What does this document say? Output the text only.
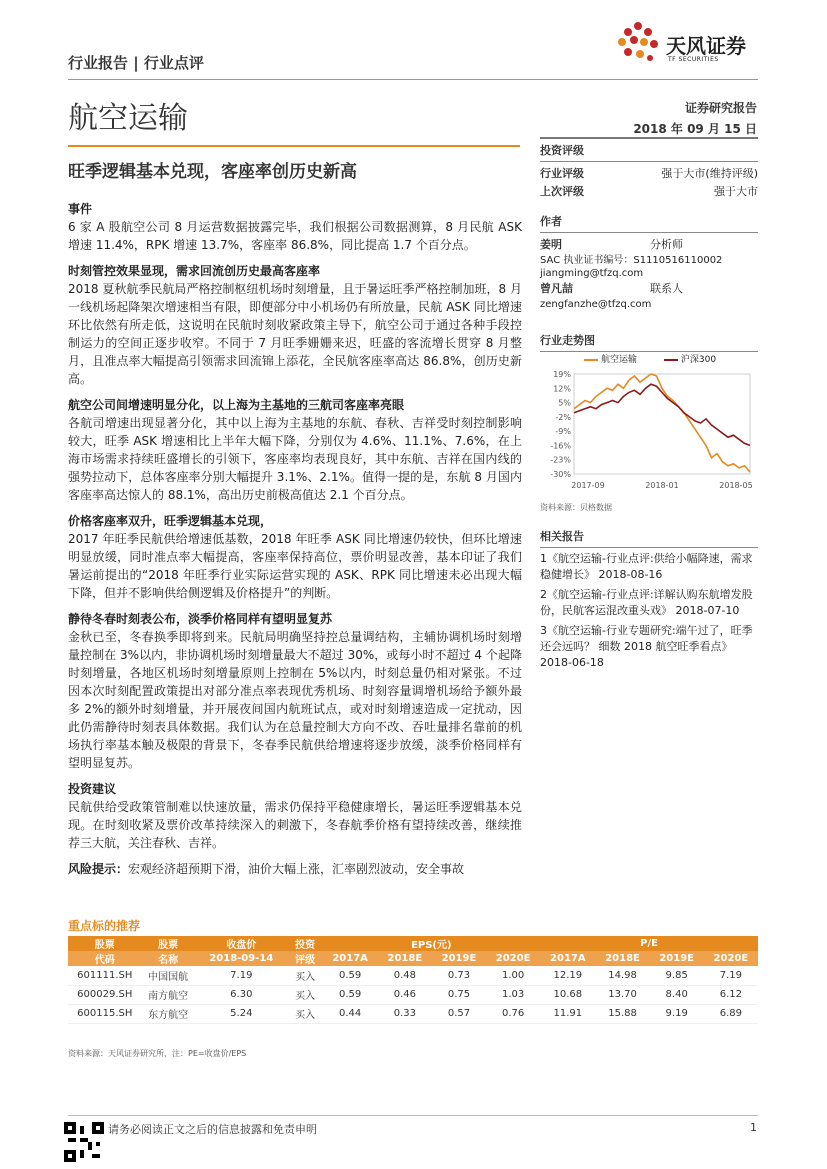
天风证券
TF SECURITIES
行业报告 | 行业点评
航空运输	证券研究报告
2018 年 09 月 15 日
旺季逻辑基本兑现，客座率创历史新高
事件

6 家 A 股航空公司 8 月运营数据披露完毕，我们根据公司数据测算，8 月民航 ASK 增速 11.4%，RPK 增速 13.7%，客座率 86.8%，同比提高 1.7 个百分点。

时刻管控效果显现，需求回流创历史最高客座率

2018 夏秋航季民航局严格控制枢纽机场时刻增量，且于暑运旺季严格控制加班，8 月一线机场起降架次增速相当有限，即便部分中小机场仍有所放量，民航 ASK 同比增速环比依然有所走低，这说明在民航时刻收紧政策主导下，航空公司于通过各种手段控制运力的空间正逐步收窄。不同于 7 月旺季姗姗来迟，旺盛的客流增长贯穿 8 月整月，且准点率大幅提高引领需求回流锦上添花，全民航客座率高达 86.8%，创历史新高。

航空公司间增速明显分化，以上海为主基地的三航司客座率亮眼

各航司增速出现显著分化，其中以上海为主基地的东航、春秋、吉祥受时刻控制影响较大，旺季 ASK 增速相比上半年大幅下降，分别仅为 4.6%、11.1%、7.6%，在上海市场需求持续旺盛增长的引领下，客座率均表现良好，其中东航、吉祥在国内线的强势拉动下，总体客座率分别大幅提升 3.1%、2.1%。值得一提的是，东航 8 月国内客座率高达惊人的 88.1%，高出历史前极高值达 2.1 个百分点。

价格客座率双升，旺季逻辑基本兑现，

2017 年旺季民航供给增速低基数，2018 年旺季 ASK 同比增速仍较快，但环比增速明显放缓，同时准点率大幅提高，客座率保持高位，票价明显改善，基本印证了我们暑运前提出的“2018 年旺季行业实际运营实现的 ASK、RPK 同比增速未必出现大幅下降，但并不影响供给侧逻辑及价格提升”的判断。

静待冬春时刻表公布，淡季价格同样有望明显复苏

金秋已至，冬春换季即将到来。民航局明确坚持控总量调结构，主辅协调机场时刻增量控制在 3%以内，非协调机场时刻增量最大不超过 30%，或每小时不超过 4 个起降时刻增量，各地区机场时刻增量原则上控制在 5%以内，时刻总量仍相对紧张。不过因本次时刻配置政策提出对部分准点率表现优秀机场、时刻容量调增机场给予额外最多 2%的额外时刻增量，并开展夜间国内航班试点，或对时刻增速造成一定扰动，因此仍需静待时刻表具体数据。我们认为在总量控制大方向不改、吞吐量排名靠前的机场执行率基本触及极限的背景下，冬春季民航供给增速将逐步放缓，淡季价格同样有望明显复苏。

投资建议

民航供给受政策管制难以快速放量，需求仍保持平稳健康增长，暑运旺季逻辑基本兑现。在时刻收紧及票价改革持续深入的刺激下，冬春航季价格有望持续改善，继续推荐三大航，关注春秋、吉祥。

风险提示：宏观经济超预期下滑，油价大幅上涨，汇率剧烈波动，安全事故

投资评级
行业评级	强于大市(维持评级)
上次评级	强于大市
作者
姜明	分析师
SAC 执业证书编号：S1110516110002
jiangming@tfzq.com
曾凡喆	联系人
zengfanzhe@tfzq.com
行业走势图
航空运输	沪深300
19%
12%
5%
-2%
-9%
-16%
-23%
-30%
2017-09	2018-01	2018-05
资料来源：贝格数据
相关报告
1《航空运输-行业点评:供给小幅降速，需求稳健增长》 2018-08-16
2《航空运输-行业点评:详解认购东航增发股份，民航客运混改重头戏》 2018-07-10
3《航空运输-行业专题研究:端午过了，旺季还会远吗？ 细数 2018 航空旺季看点》 2018-06-18
重点标的推荐
股票	股票	收盘价	投资	EPS(元)				P/E			
代码	名称	2018-09-14	评级	2017A	2018E	2019E	2020E	2017A	2018E	2019E	2020E
601111.SH	中国国航	7.19	买入	0.59	0.48	0.73	1.00	12.19	14.98	9.85	7.19
600029.SH	南方航空	6.30	买入	0.59	0.46	0.75	1.03	10.68	13.70	8.40	6.12
600115.SH	东方航空	5.24	买入	0.44	0.33	0.57	0.76	11.91	15.88	9.19	6.89
资料来源：天风证券研究所，注：PE=收盘价/EPS
请务必阅读正文之后的信息披露和免责申明	1
